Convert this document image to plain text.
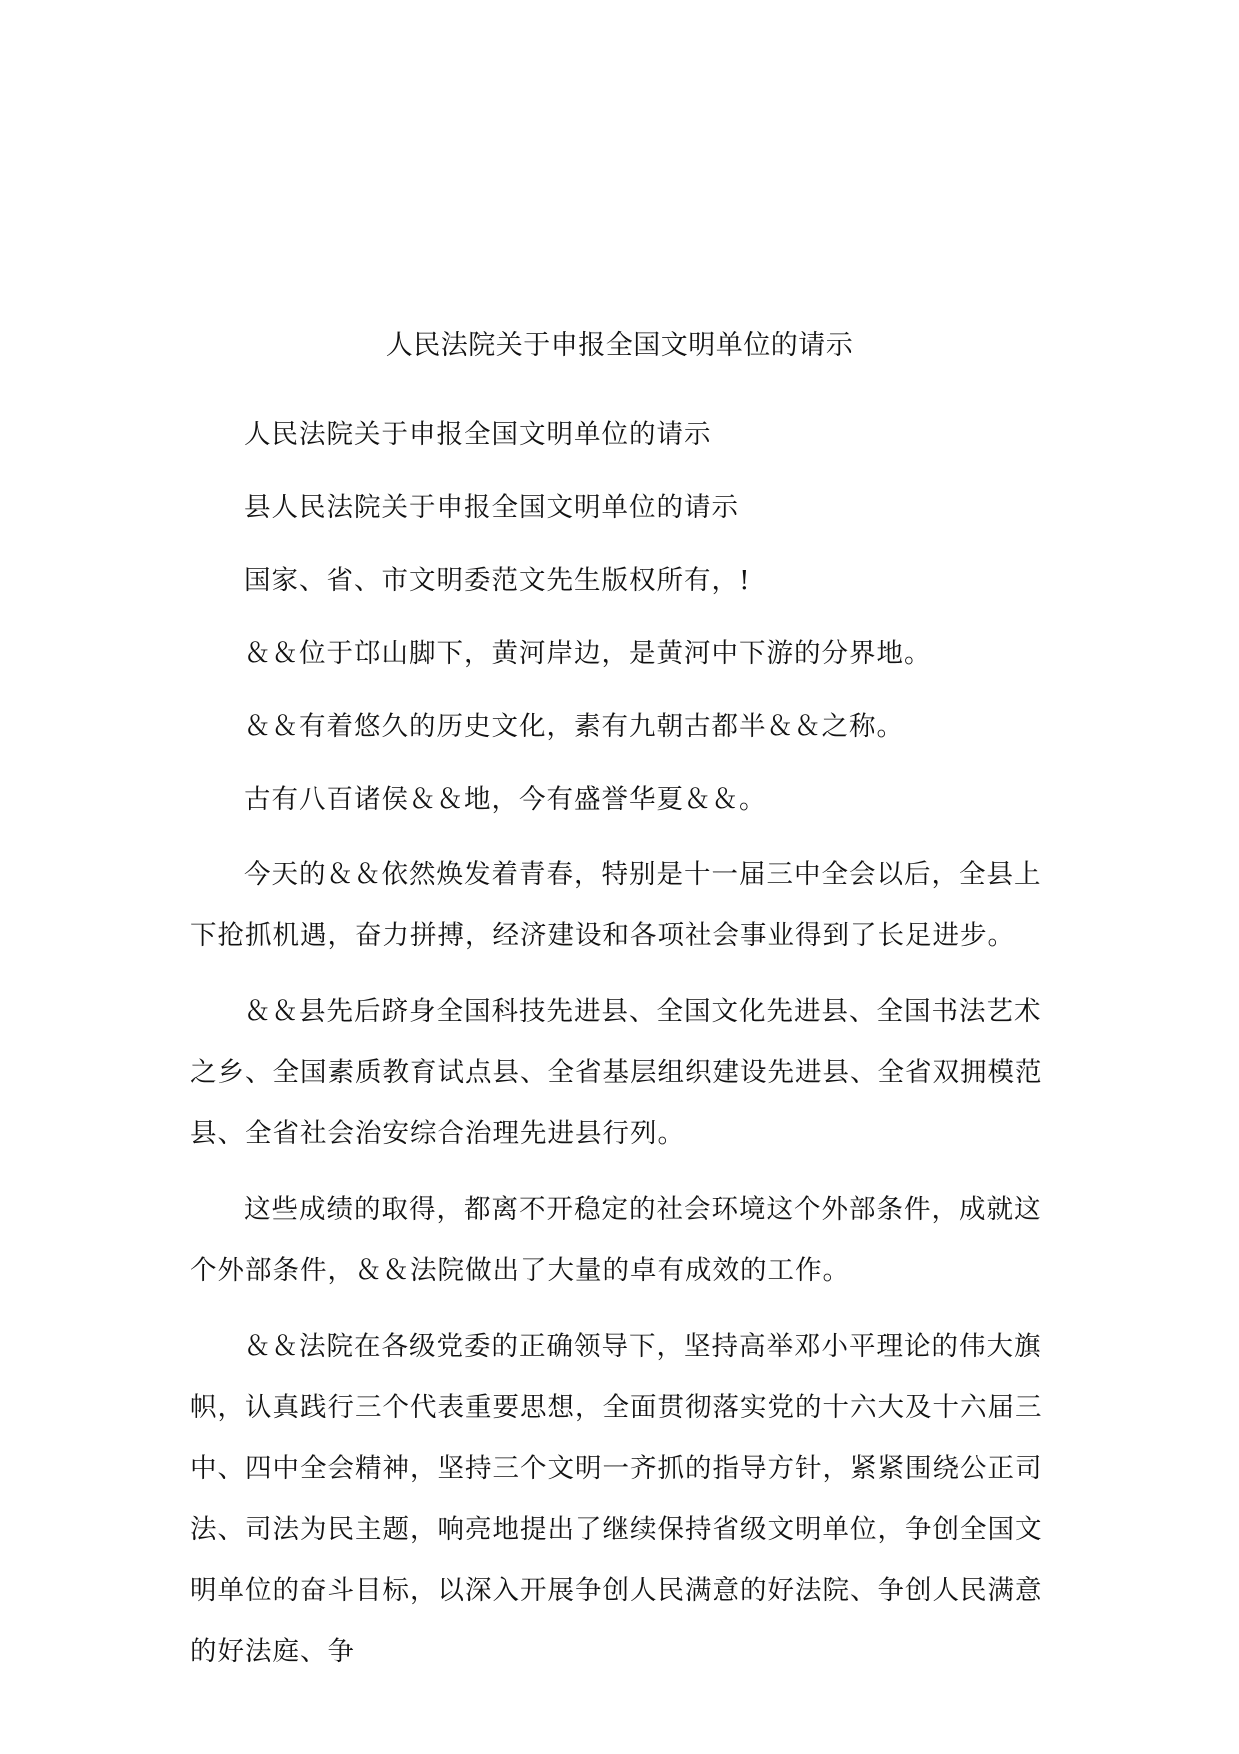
人民法院关于申报全国文明单位的请示

人民法院关于申报全国文明单位的请示

县人民法院关于申报全国文明单位的请示

国家、省、市文明委范文先生版权所有，!

＆＆位于邙山脚下，黄河岸边，是黄河中下游的分界地。

＆＆有着悠久的历史文化，素有九朝古都半＆＆之称。

古有八百诸侯＆＆地，今有盛誉华夏＆＆。

今天的＆＆依然焕发着青春，特别是十一届三中全会以后，全县上下抢抓机遇，奋力拼搏，经济建设和各项社会事业得到了长足进步。

＆＆县先后跻身全国科技先进县、全国文化先进县、全国书法艺术之乡、全国素质教育试点县、全省基层组织建设先进县、全省双拥模范县、全省社会治安综合治理先进县行列。

这些成绩的取得，都离不开稳定的社会环境这个外部条件，成就这个外部条件，＆＆法院做出了大量的卓有成效的工作。

＆＆法院在各级党委的正确领导下，坚持高举邓小平理论的伟大旗帜，认真践行三个代表重要思想，全面贯彻落实党的十六大及十六届三中、四中全会精神，坚持三个文明一齐抓的指导方针，紧紧围绕公正司法、司法为民主题，响亮地提出了继续保持省级文明单位，争创全国文明单位的奋斗目标，以深入开展争创人民满意的好法院、争创人民满意的好法庭、争
